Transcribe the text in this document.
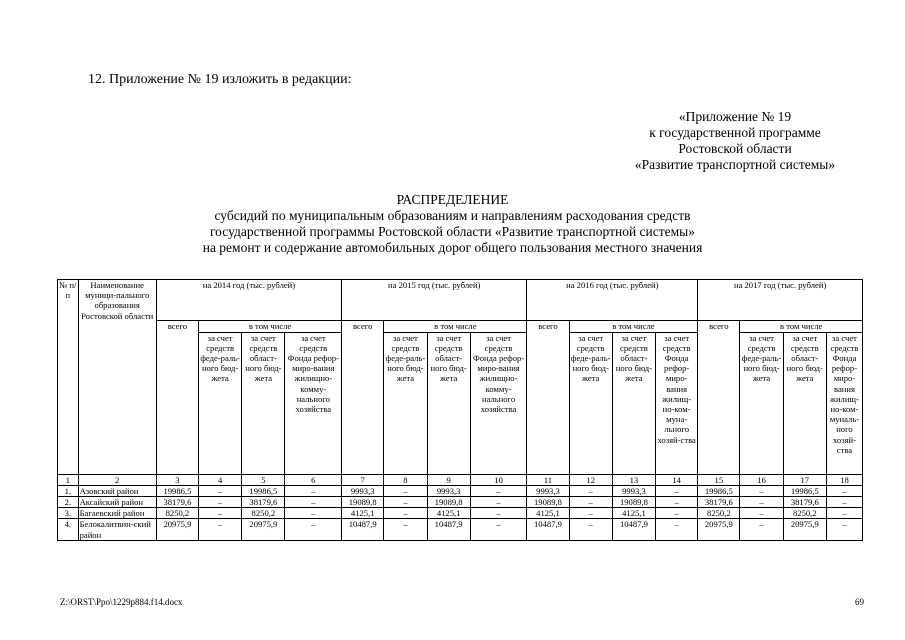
12. Приложение № 19 изложить в редакции:
«Приложение № 19
к государственной программе
Ростовской области
«Развитие транспортной системы»
РАСПРЕДЕЛЕНИЕ
субсидий по муниципальным образованиям и направлениям расходования средств
государственной программы Ростовской области «Развитие транспортной системы»
на ремонт и содержание автомобильных дорог общего пользования местного значения
№ п/п	Наименование муници-пального образования Ростовской области	на 2014 год (тыс. рублей)				на 2015 год (тыс. рублей)				на 2016 год (тыс. рублей)				на 2017 год (тыс. рублей)			
		всего	в том числе			всего	в том числе			всего	в том числе			всего	в том числе		
			за счет средств феде-раль-ного бюд-жета	за счет средств област-ного бюд-жета	за счет средств Фонда рефор-миро-вания жилищно-комму-нального хозяйства		за счет средств феде-раль-ного бюд-жета	за счет средств област-ного бюд-жета	за счет средств Фонда рефор-миро-вания жилищно-комму-нального хозяйства		за счет средств феде-раль-ного бюд-жета	за счет средств област-ного бюд-жета	за счет средств Фонда рефор-миро-вания жилищ-но-ком-муна-льного хозяй-ства		за счет средств феде-раль-ного бюд-жета	за счет средств област-ного бюд-жета	за счет средств Фонда рефор-миро-вания жилищ-но-ком-муналь-ного хозяй-ства
1	2	3	4	5	6	7	8	9	10	11	12	13	14	15	16	17	18
1.	Азовский район	19986,5	–	19986,5	–	9993,3	–	9993,3	–	9993,3	–	9993,3	–	19986,5	–	19986,5	–
2.	Аксайский район	38179,6	–	38179,6	–	19089,8	–	19089,8	–	19089,8	–	19089,8	–	38179,6	–	38179,6	–
3.	Багаевский район	8250,2	–	8250,2	–	4125,1	–	4125,1	–	4125,1	–	4125,1	–	8250,2	–	8250,2	–
4.	Белокалитвин-ский район	20975,9	–	20975,9	–	10487,9	–	10487,9	–	10487,9	–	10487,9	–	20975,9	–	20975,9	–
Z:\ORST\Ppo\1229p884.f14.docx	69
